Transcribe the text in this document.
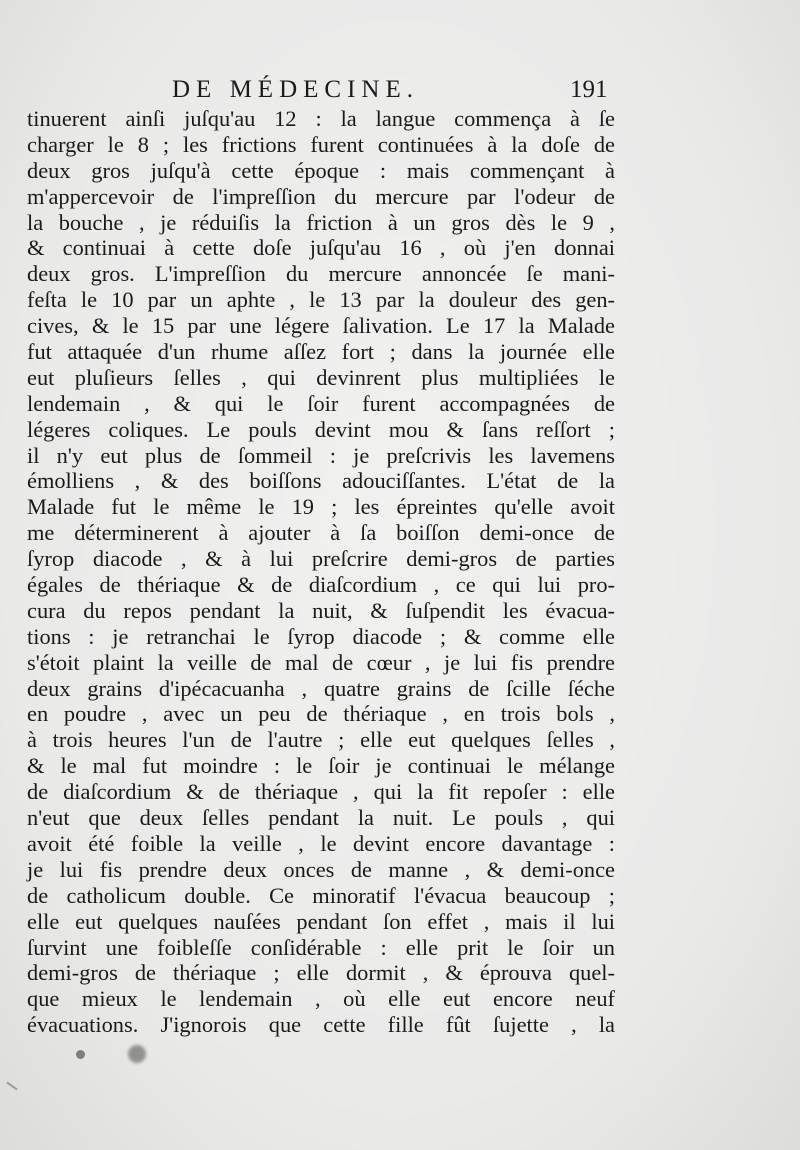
DE MÉDECINE.	191
tinuerent ainſi juſqu'au 12 : la langue commença à ſe
charger le 8 ; les frictions furent continuées à la doſe de
deux gros juſqu'à cette époque : mais commençant à
m'appercevoir de l'impreſſion du mercure par l'odeur de
la bouche , je réduiſis la friction à un gros dès le 9 ,
& continuai à cette doſe juſqu'au 16 , où j'en donnai
deux gros. L'impreſſion du mercure annoncée ſe mani-
feſta le 10 par un aphte , le 13 par la douleur des gen-
cives, & le 15 par une légere ſalivation. Le 17 la Malade
fut attaquée d'un rhume aſſez fort ; dans la journée elle
eut pluſieurs ſelles , qui devinrent plus multipliées le
lendemain , & qui le ſoir furent accompagnées de
légeres coliques. Le pouls devint mou & ſans reſſort ;
il n'y eut plus de ſommeil : je preſcrivis les lavemens
émolliens , & des boiſſons adouciſſantes. L'état de la
Malade fut le même le 19 ; les épreintes qu'elle avoit
me déterminerent à ajouter à ſa boiſſon demi-once de
ſyrop diacode , & à lui preſcrire demi-gros de parties
égales de thériaque & de diaſcordium , ce qui lui pro-
cura du repos pendant la nuit, & ſuſpendit les évacua-
tions : je retranchai le ſyrop diacode ; & comme elle
s'étoit plaint la veille de mal de cœur , je lui fis prendre
deux grains d'ipécacuanha , quatre grains de ſcille ſéche
en poudre , avec un peu de thériaque , en trois bols ,
à trois heures l'un de l'autre ; elle eut quelques ſelles ,
& le mal fut moindre : le ſoir je continuai le mélange
de diaſcordium & de thériaque , qui la fit repoſer : elle
n'eut que deux ſelles pendant la nuit. Le pouls , qui
avoit été foible la veille , le devint encore davantage :
je lui fis prendre deux onces de manne , & demi-once
de catholicum double. Ce minoratif l'évacua beaucoup ;
elle eut quelques nauſées pendant ſon effet , mais il lui
ſurvint une foibleſſe conſidérable : elle prit le ſoir un
demi-gros de thériaque ; elle dormit , & éprouva quel-
que mieux le lendemain , où elle eut encore neuf
évacuations. J'ignorois que cette fille fût ſujette , la
